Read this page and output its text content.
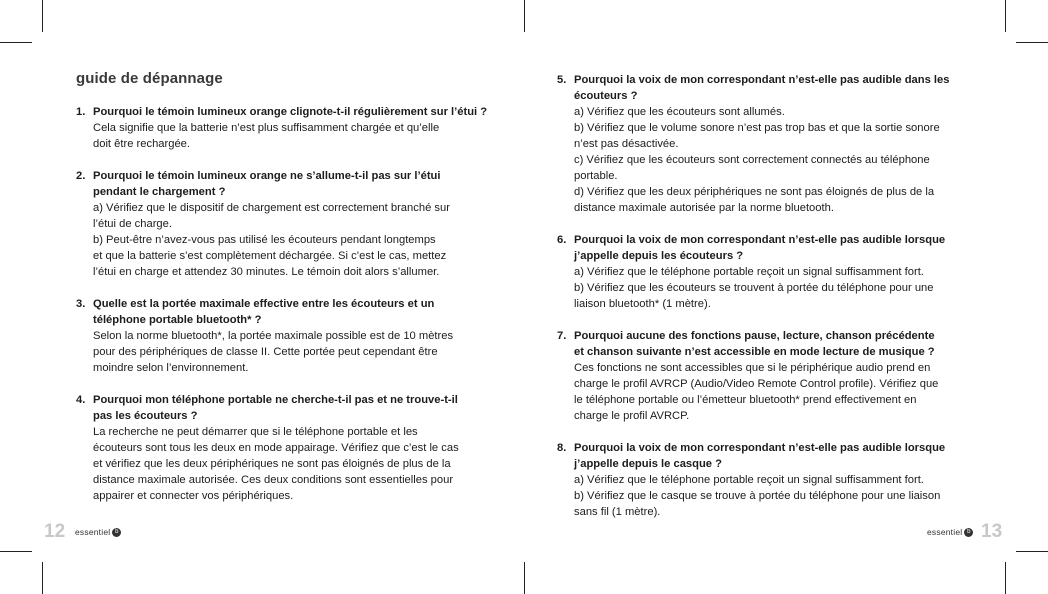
guide de dépannage
1. Pourquoi le témoin lumineux orange clignote-t-il régulièrement sur l’étui ?
Cela signifie que la batterie n’est plus suffisamment chargée et qu’elle
doit être rechargée.
2. Pourquoi le témoin lumineux orange ne s’allume-t-il pas sur l’étui
pendant le chargement ?
a) Vérifiez que le dispositif de chargement est correctement branché sur
l’étui de charge.
b) Peut-être n’avez-vous pas utilisé les écouteurs pendant longtemps
et que la batterie s’est complètement déchargée. Si c’est le cas, mettez
l’étui en charge et attendez 30 minutes. Le témoin doit alors s’allumer.
3. Quelle est la portée maximale effective entre les écouteurs et un
téléphone portable bluetooth* ?
Selon la norme bluetooth*, la portée maximale possible est de 10 mètres
pour des périphériques de classe II. Cette portée peut cependant être
moindre selon l’environnement.
4. Pourquoi mon téléphone portable ne cherche-t-il pas et ne trouve-t-il
pas les écouteurs ?
La recherche ne peut démarrer que si le téléphone portable et les
écouteurs sont tous les deux en mode appairage. Vérifiez que c’est le cas
et vérifiez que les deux périphériques ne sont pas éloignés de plus de la
distance maximale autorisée. Ces deux conditions sont essentielles pour
appairer et connecter vos périphériques.
5. Pourquoi la voix de mon correspondant n’est-elle pas audible dans les
écouteurs ?
a) Vérifiez que les écouteurs sont allumés.
b) Vérifiez que le volume sonore n’est pas trop bas et que la sortie sonore
n’est pas désactivée.
c) Vérifiez que les écouteurs sont correctement connectés au téléphone
portable.
d) Vérifiez que les deux périphériques ne sont pas éloignés de plus de la
distance maximale autorisée par la norme bluetooth.
6. Pourquoi la voix de mon correspondant n’est-elle pas audible lorsque
j’appelle depuis les écouteurs ?
a) Vérifiez que le téléphone portable reçoit un signal suffisamment fort.
b) Vérifiez que les écouteurs se trouvent à portée du téléphone pour une
liaison bluetooth* (1 mètre).
7. Pourquoi aucune des fonctions pause, lecture, chanson précédente
et chanson suivante n’est accessible en mode lecture de musique ?
Ces fonctions ne sont accessibles que si le périphérique audio prend en
charge le profil AVRCP (Audio/Video Remote Control profile). Vérifiez que
le téléphone portable ou l’émetteur bluetooth* prend effectivement en
charge le profil AVRCP.
8. Pourquoi la voix de mon correspondant n’est-elle pas audible lorsque
j’appelle depuis le casque ?
a) Vérifiez que le téléphone portable reçoit un signal suffisamment fort.
b) Vérifiez que le casque se trouve à portée du téléphone pour une liaison
sans fil (1 mètre).
12 essentiel b	essentiel b 13
